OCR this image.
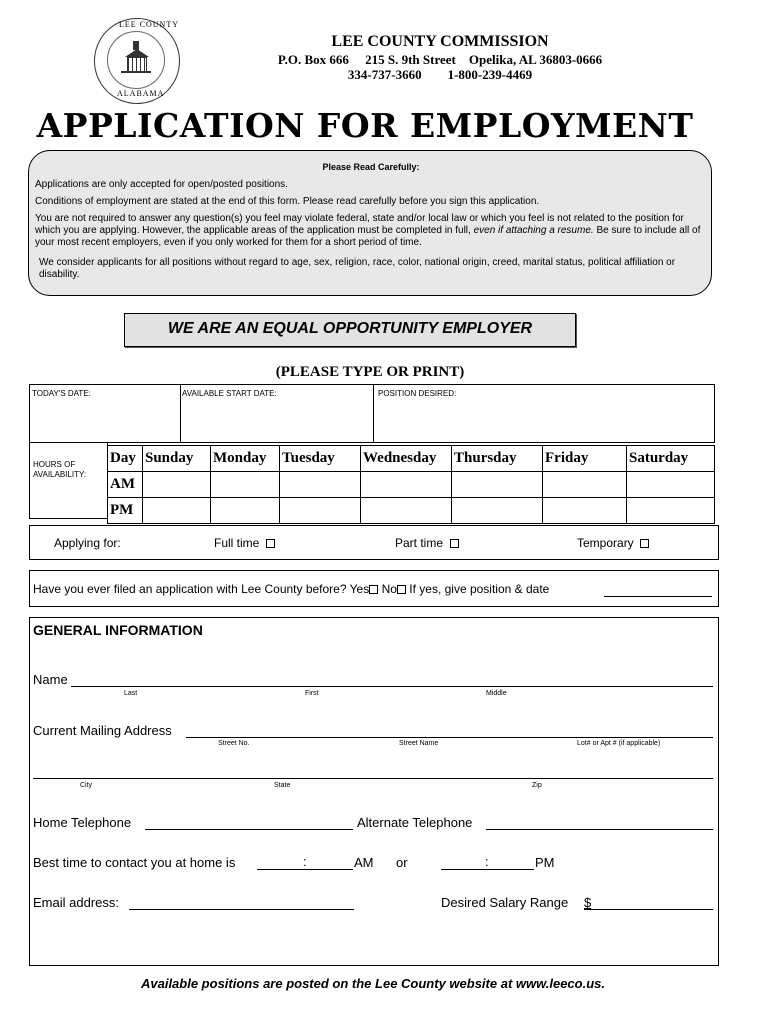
LEE COUNTY
ALABAMA
LEE COUNTY COMMISSION
P.O. Box 666     215 S. 9th Street    Opelika, AL 36803-0666
334-737-3660        1-800-239-4469
APPLICATION FOR EMPLOYMENT

Please Read Carefully:

Applications are only accepted for open/posted positions.

Conditions of employment are stated at the end of this form. Please read carefully before you sign this application.

You are not required to answer any question(s) you feel may violate federal, state and/or local law or which you feel is not related to the position for which you are applying. However, the applicable areas of the application must be completed in full, even if attaching a resume. Be sure to include all of your most recent employers, even if you only worked for them for a short period of time.

We consider applicants for all positions without regard to age, sex, religion, race, color, national origin, creed, marital status, political affiliation or disability.

WE ARE AN EQUAL OPPORTUNITY EMPLOYER
(PLEASE TYPE OR PRINT)
TODAY'S DATE:	AVAILABLE START DATE:	POSITION DESIRED:
HOURS OF AVAILABILITY:
Day	Sunday	Monday	Tuesday	Wednesday	Thursday	Friday	Saturday
AM							
PM							
Applying for:	Full time	Part time	Temporary
Have you ever filed an application with Lee County before? Yes No If yes, give position & date
GENERAL INFORMATION
Name
Last	First	Middle
Current Mailing Address
Street No.	Street Name	Lot# or Apt # (if applicable)
City	State	Zip
Home Telephone	Alternate Telephone
Best time to contact you at home is	:	AM or	:	PM
Email address:	Desired Salary Range $
Available positions are posted on the Lee County website at www.leeco.us.
